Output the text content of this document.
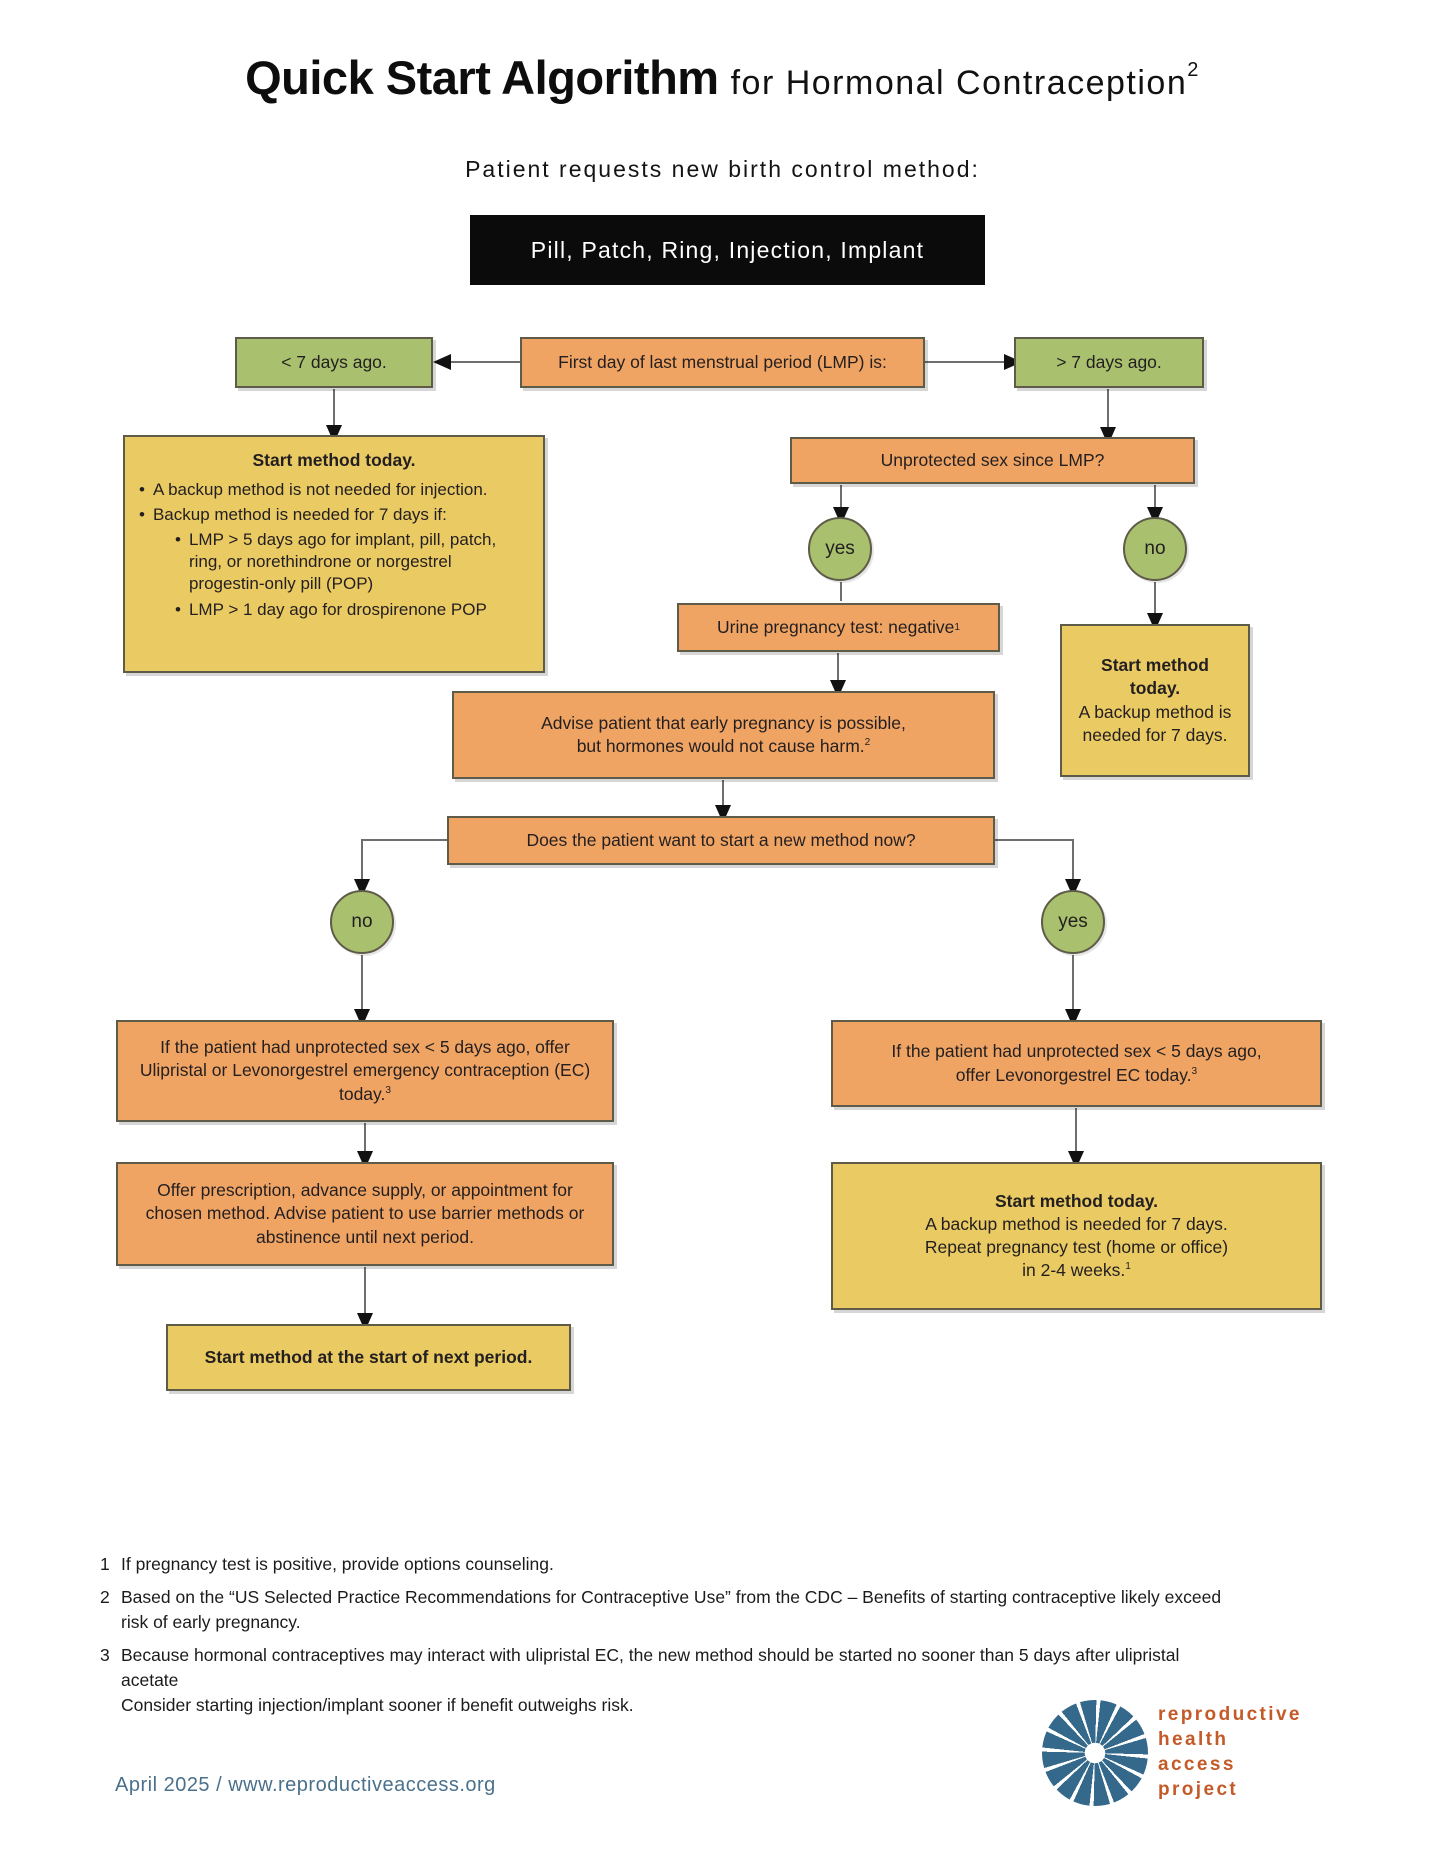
Quick Start Algorithm for Hormonal Contraception$^2$
Patient requests new birth control method:
Pill, Patch, Ring, Injection, Implant
< 7 days ago.	First day of last menstrual period (LMP) is:	> 7 days ago.
Start method today.
• A backup method is not needed for injection.
• Backup method is needed for 7 days if:
• LMP > 5 days ago for implant, pill, patch, ring, or norethindrone or norgestrel progestin-only pill (POP)
• LMP > 1 day ago for drospirenone POP
Unprotected sex since LMP?
yes	no
Urine pregnancy test: negative 1
Start method today.
A backup method is needed for 7 days.
Advise patient that early pregnancy is possible,
but hormones would not cause harm.$^2$
Does the patient want to start a new method now?
no	yes
If the patient had unprotected sex < 5 days ago, offer Ulipristal or Levonorgestrel emergency contraception (EC) today.$^3$
Offer prescription, advance supply, or appointment for chosen method. Advise patient to use barrier methods or abstinence until next period.
Start method at the start of next period.
If the patient had unprotected sex < 5 days ago,
offer Levonorgestrel EC today.$^3$
Start method today.
A backup method is needed for 7 days.
Repeat pregnancy test (home or office)
in 2-4 weeks.$^1$
1 If pregnancy test is positive, provide options counseling.
2 Based on the “US Selected Practice Recommendations for Contraceptive Use” from the CDC – Benefits of starting contraceptive likely exceed risk of early pregnancy.
3 Because hormonal contraceptives may interact with ulipristal EC, the new method should be started no sooner than 5 days after ulipristal acetate
Consider starting injection/implant sooner if benefit outweighs risk.
April 2025 / www.reproductiveaccess.org
reproductive
health
access
project
